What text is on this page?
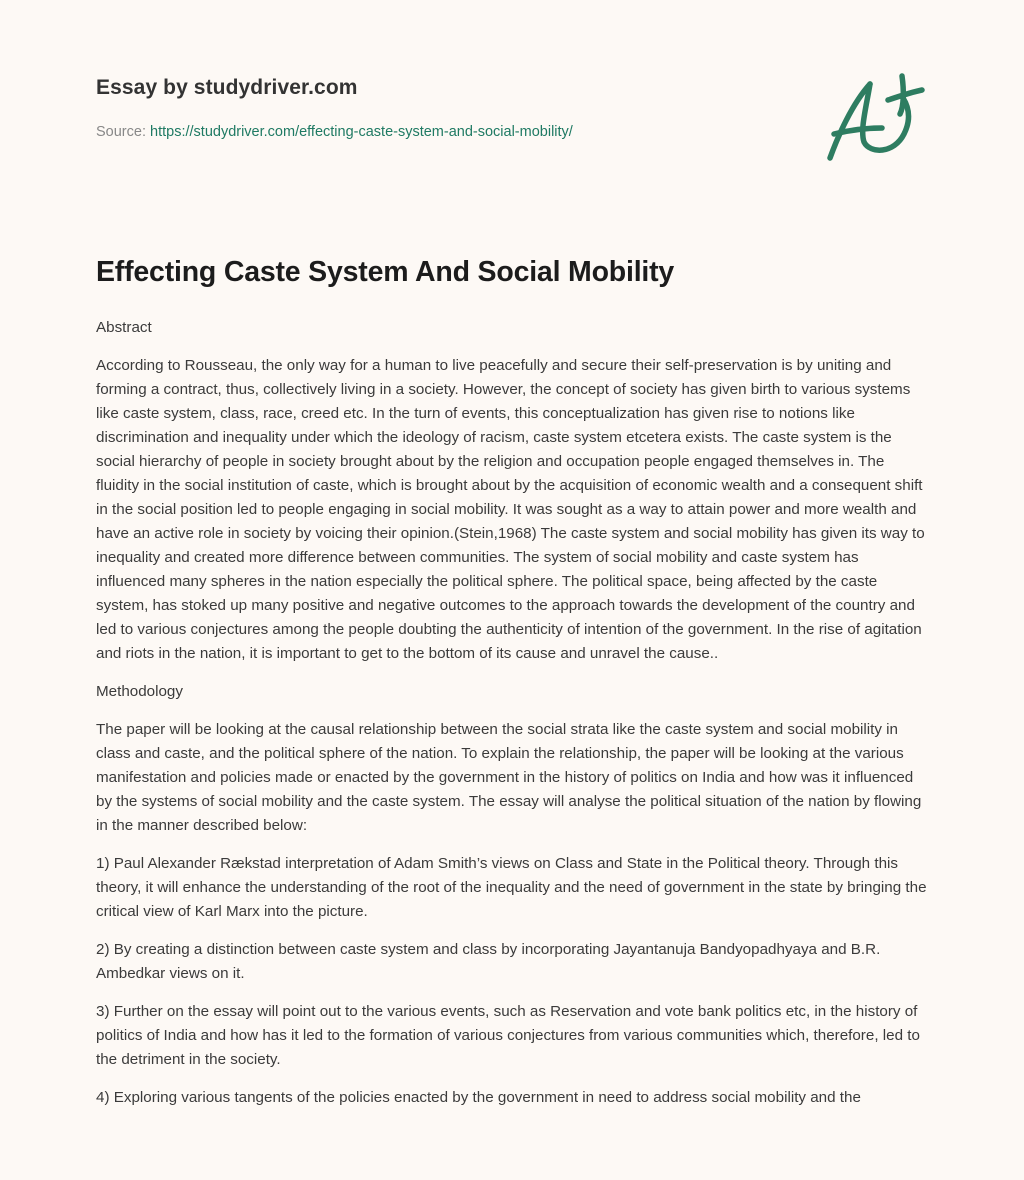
Essay by studydriver.com
Source: https://studydriver.com/effecting-caste-system-and-social-mobility/
Effecting Caste System And Social Mobility

Abstract

According to Rousseau, the only way for a human to live peacefully and secure their self-preservation is by uniting and forming a contract, thus, collectively living in a society. However, the concept of society has given birth to various systems like caste system, class, race, creed etc. In the turn of events, this conceptualization has given rise to notions like discrimination and inequality under which the ideology of racism, caste system etcetera exists. The caste system is the social hierarchy of people in society brought about by the religion and occupation people engaged themselves in. The fluidity in the social institution of caste, which is brought about by the acquisition of economic wealth and a consequent shift in the social position led to people engaging in social mobility. It was sought as a way to attain power and more wealth and have an active role in society by voicing their opinion.(Stein,1968) The caste system and social mobility has given its way to inequality and created more difference between communities. The system of social mobility and caste system has influenced many spheres in the nation especially the political sphere. The political space, being affected by the caste system, has stoked up many positive and negative outcomes to the approach towards the development of the country and led to various conjectures among the people doubting the authenticity of intention of the government. In the rise of agitation and riots in the nation, it is important to get to the bottom of its cause and unravel the cause..

Methodology

The paper will be looking at the causal relationship between the social strata like the caste system and social mobility in class and caste, and the political sphere of the nation. To explain the relationship, the paper will be looking at the various manifestation and policies made or enacted by the government in the history of politics on India and how was it influenced by the systems of social mobility and the caste system. The essay will analyse the political situation of the nation by flowing in the manner described below:

1) Paul Alexander Rækstad interpretation of Adam Smith’s views on Class and State in the Political theory. Through this theory, it will enhance the understanding of the root of the inequality and the need of government in the state by bringing the critical view of Karl Marx into the picture.

2) By creating a distinction between caste system and class by incorporating Jayantanuja Bandyopadhyaya and B.R. Ambedkar views on it.

3) Further on the essay will point out to the various events, such as Reservation and vote bank politics etc, in the history of politics of India and how has it led to the formation of various conjectures from various communities which, therefore, led to the detriment in the society.

4) Exploring various tangents of the policies enacted by the government in need to address social mobility and the
